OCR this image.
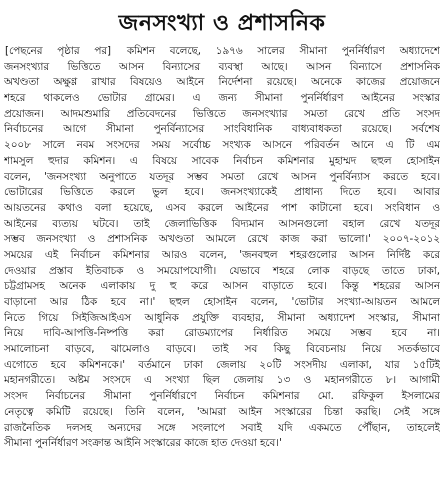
জনসংখ্যা ও প্রশাসনিক
[পেছনের পৃষ্ঠার পর] কমিশন বলেছে, ১৯৭৬ সালের সীমানা পুনর্নির্ধারণ অধ্যাদেশে
জনসংখ্যার ভিত্তিতে আসন বিন্যাসের ব্যবস্থা আছে। আসন বিন্যাসে প্রশাসনিক
অখণ্ডতা অক্ষুণ্ণ রাখার বিষয়েও আইনে নির্দেশনা রয়েছে। অনেকে কাজের প্রয়োজনে
শহরে থাকলেও ভোটার গ্রামের। এ জন্য সীমানা পুনর্নির্ধারণ আইনের সংস্কার
প্রয়োজন। আদমশুমারি প্রতিবেদনের ভিত্তিতে জনসংখ্যার সমতা রেখে প্রতি সংসদ
নির্বাচনের আগে সীমানা পুনর্বিন্যাসের সাংবিধানিক বাধ্যবাধকতা রয়েছে। সর্বশেষ
২০০৮ সালে নবম সংসদের সময় সর্বোচ্চ সংখ্যক আসনে পরিবর্তন আনে এ টি এম
শামসুল হুদার কমিশন। এ বিষয়ে সাবেক নির্বাচন কমিশনার মুহাম্মদ ছহুল হোসাইন
বলেন, 'জনসংখ্যা অনুপাতে যতদূর সম্ভব সমতা রেখে আসন পুনর্বিন্যাস করতে হবে।
ভোটারের ভিত্তিতে করলে ভুল হবে। জনসংখ্যাকেই প্রাধান্য দিতে হবে। আবার
আয়তনের কথাও বলা হয়েছে, এসব করলে আইনের পাশ কাটানো হবে। সংবিধান ও
আইনের ব্যত্যয় ঘটবে। তাই জেলাভিত্তিক বিদ্যমান আসনগুলো বহাল রেখে যতদূর
সম্ভব জনসংখ্যা ও প্রশাসনিক অখণ্ডতা আমলে রেখে কাজ করা ভালো।' ২০০৭-২০১২
সময়ের এই নির্বাচন কমিশনার আরও বলেন, 'জনবহুল শহরগুলোর আসন নির্দিষ্ট করে
দেওয়ার প্রস্তাব ইতিবাচক ও সময়োপযোগী। যেভাবে শহরে লোক বাড়ছে তাতে ঢাকা,
চট্টগ্রামসহ অনেক এলাকায় দু হু করে আসন বাড়াতে হবে। কিন্তু শহরের আসন
বাড়ানো আর ঠিক হবে না।' ছহুল হোসাইন বলেন, 'ভোটার সংখ্যা-আয়তন আমলে
নিতে গিয়ে সিইজিআইএস আধুনিক প্রযুক্তি ব্যবহার, সীমানা অধ্যাদেশ সংস্কার, সীমানা
নিয়ে দাবি-আপত্তি-নিষ্পত্তি করা রোডম্যাপের নির্ধারিত সময়ে সম্ভব হবে না।
সমালোচনা বাড়বে, ঝামেলাও বাড়বে। তাই সব কিছু বিবেচনায় নিয়ে সতর্কভাবে
এগোতে হবে কমিশনকে।' বর্তমানে ঢাকা জেলায় ২০টি সংসদীয় এলাকা, যার ১৫টিই
মহানগরীতে। অষ্টম সংসদে এ সংখ্যা ছিল জেলায় ১৩ ও মহানগরীতে ৮। আগামী
সংসদ নির্বাচনের সীমানা পুনর্নির্ধারণে নির্বাচন কমিশনার মো. রফিকুল ইসলামের
নেতৃত্বে কমিটি রয়েছে। তিনি বলেন, 'আমরা আইন সংস্কারের চিন্তা করছি। সেই সঙ্গে
রাজনৈতিক দলসহ অন্যদের সঙ্গে সংলাপে সবাই যদি একমতে পৌঁছান, তাহলেই
সীমানা পুনর্নির্ধারণ সংক্রান্ত আইনি সংস্কারের কাজে হাত দেওয়া হবে।'
